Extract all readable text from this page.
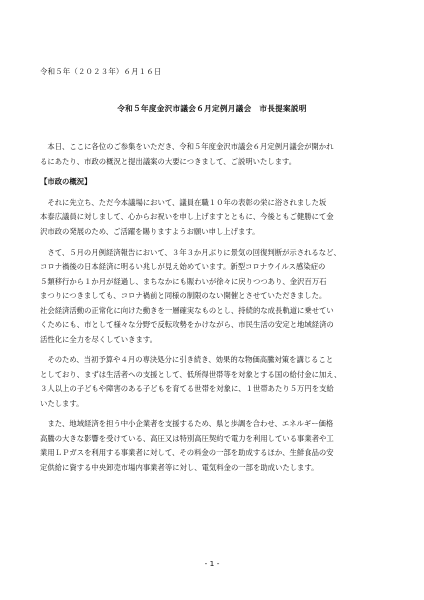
令和５年（２０２３年）６月１６日
令和５年度金沢市議会６月定例月議会　市長提案説明
　本日、ここに各位のご参集をいただき、令和５年度金沢市議会６月定例月議会が開かれ
るにあたり、市政の概況と提出議案の大要につきまして、ご説明いたします。
【市政の概況】
　それに先立ち、ただ今本議場において、議員在職１０年の表彰の栄に浴されました坂
本泰広議員に対しまして、心からお祝いを申し上げますとともに、今後ともご健勝にて金
沢市政の発展のため、ご活躍を賜りますようお願い申し上げます。
　さて、５月の月例経済報告において、３年３か月ぶりに景気の回復判断が示されるなど、
コロナ禍後の日本経済に明るい兆しが見え始めています。新型コロナウイルス感染症の
５類移行から１か月が経過し、まちなかにも賑わいが徐々に戻りつつあり、金沢百万石
まつりにつきましても、コロナ禍前と同様の制限のない開催とさせていただきました。
社会経済活動の正常化に向けた動きを一層確実なものとし、持続的な成長軌道に乗せてい
くためにも、市として様々な分野で反転攻勢をかけながら、市民生活の安定と地域経済の
活性化に全力を尽くしていきます。
　そのため、当初予算や４月の専決処分に引き続き、効果的な物価高騰対策を講じること
としており、まずは生活者への支援として、低所得世帯等を対象とする国の給付金に加え、
３人以上の子どもや障害のある子どもを育てる世帯を対象に、１世帯あたり５万円を支給
いたします。
　また、地域経済を担う中小企業者を支援するため、県と歩調を合わせ、エネルギー価格
高騰の大きな影響を受けている、高圧又は特別高圧契約で電力を利用している事業者や工
業用ＬＰガスを利用する事業者に対して、その料金の一部を助成するほか、生鮮食品の安
定供給に資する中央卸売市場内事業者等に対し、電気料金の一部を助成いたします。
- 1 -
